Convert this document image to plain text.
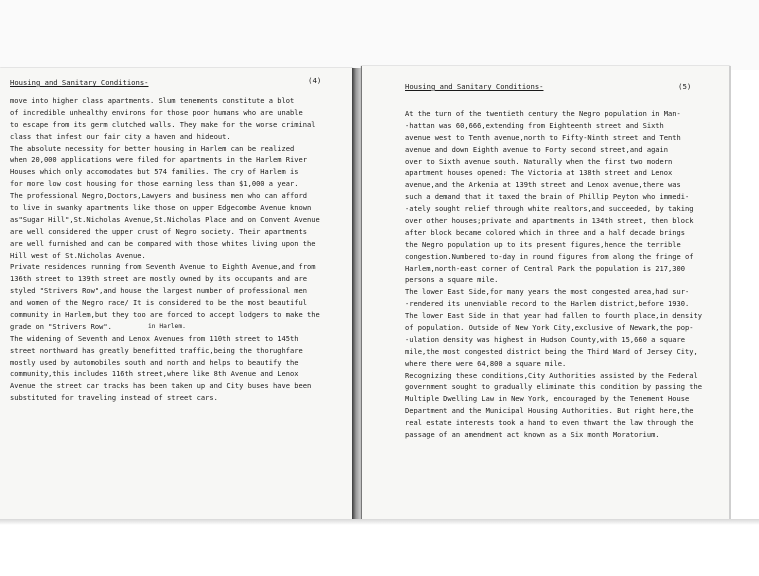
Housing and Sanitary Conditions-	(4)
move into higher class apartments. Slum tenements constitute a blot
of incredible unhealthy environs for those poor humans who are unable
to escape from its germ clutched walls. They make for the worse criminal
class that infest our fair city a haven and hideout.
The absolute necessity for better housing in Harlem can be realized
when 20,000 applications were filed for apartments in the Harlem River
Houses which only accomodates but 574 families. The cry of Harlem is
for more low cost housing for those earning less than $1,000 a year.
The professional Negro,Doctors,Lawyers and business men who can afford
to live in swanky apartments like those on upper Edgecombe Avenue known
as"Sugar Hill",St.Nicholas Avenue,St.Nicholas Place and on Convent Avenue
are well considered the upper crust of Negro society. Their apartments
are well furnished and can be compared with those whites living upon the
Hill west of St.Nicholas Avenue.
Private residences running from Seventh Avenue to Eighth Avenue,and from
136th street to 139th street are mostly owned by its occupants and are
styled "Strivers Row",and house the largest number of professional men
and women of the Negro race/ It is considered to be the most beautiful
community in Harlem,but they too are forced to accept lodgers to make the
grade on "Strivers Row".
The widening of Seventh and Lenox Avenues from 110th street to 145th
street northward has greatly benefitted traffic,being the thorughfare
mostly used by automobiles south and north and helps to beautify the
community,this includes 116th street,where like 8th Avenue and Lenox
Avenue the street car tracks has been taken up and City buses have been
substituted for traveling instead of street cars.
in Harlem.
Housing and Sanitary Conditions-	(5)
At the turn of the twentieth century the Negro population in Man-
-hattan was 60,666,extending from Eighteenth street and Sixth
avenue west to Tenth avenue,north to Fifty-Ninth street and Tenth
avenue and down Eighth avenue to Forty second street,and again
over to Sixth avenue south. Naturally when the first two modern
apartment houses opened: The Victoria at 138th street and Lenox
avenue,and the Arkenia at 139th street and Lenox avenue,there was
such a demand that it taxed the brain of Phillip Peyton who immedi-
-ately sought relief through white realtors,and succeeded, by taking
over other houses;private and apartments in 134th street, then block
after block became colored which in three and a half decade brings
the Negro population up to its present figures,hence the terrible
congestion.Numbered to-day in round figures from along the fringe of
Harlem,north-east corner of Central Park the population is 217,300
persons a square mile.
The lower East Side,for many years the most congested area,had sur-
-rendered its unenviable record to the Harlem district,before 1930.
The lower East Side in that year had fallen to fourth place,in density
of population. Outside of New York City,exclusive of Newark,the pop-
-ulation density was highest in Hudson County,with 15,660 a square
mile,the most congested district being the Third Ward of Jersey City,
where there were 64,800 a square mile.
Recognizing these conditions,City Authorities assisted by the Federal
government sought to gradually eliminate this condition by passing the
Multiple Dwelling Law in New York, encouraged by the Tenement House
Department and the Municipal Housing Authorities. But right here,the
real estate interests took a hand to even thwart the law through the
passage of an amendment act known as a Six month Moratorium.
